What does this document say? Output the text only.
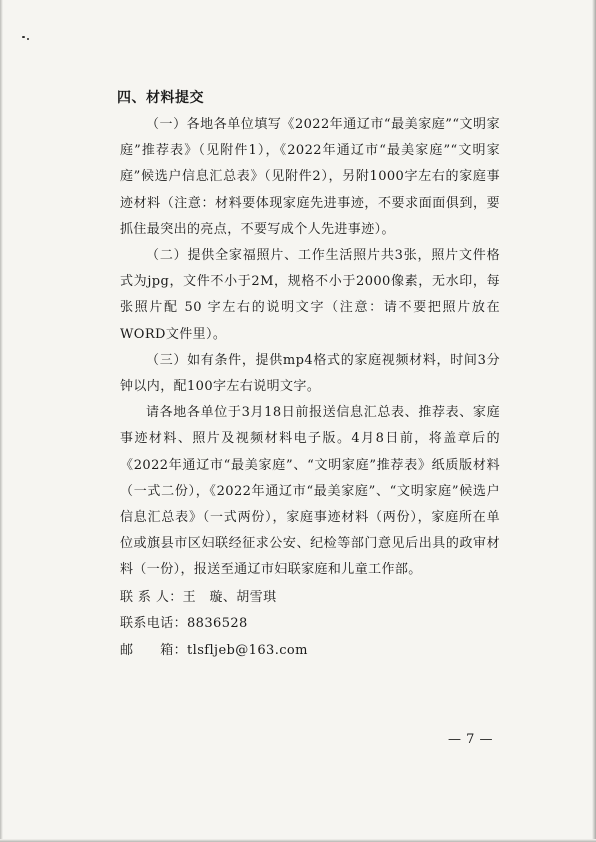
四、材料提交

（一）各地各单位填写《2022年通辽市“最美家庭”“文明家庭”推荐表》（见附件1），《2022年通辽市“最美家庭”“文明家庭”候选户信息汇总表》（见附件2），另附1000字左右的家庭事迹材料（注意：材料要体现家庭先进事迹，不要求面面俱到，要抓住最突出的亮点，不要写成个人先进事迹）。

（二）提供全家福照片、工作生活照片共3张，照片文件格式为jpg，文件不小于2M，规格不小于2000像素，无水印，每张照片配 50 字左右的说明文字（注意：请不要把照片放在WORD文件里）。

（三）如有条件，提供mp4格式的家庭视频材料，时间3分钟以内，配100字左右说明文字。

请各地各单位于3月18日前报送信息汇总表、推荐表、家庭事迹材料、照片及视频材料电子版。4月8日前，将盖章后的《2022年通辽市“最美家庭”、“文明家庭”推荐表》纸质版材料（一式二份），《2022年通辽市“最美家庭”、“文明家庭”候选户信息汇总表》（一式两份），家庭事迹材料（两份），家庭所在单位或旗县市区妇联经征求公安、纪检等部门意见后出具的政审材料（一份），报送至通辽市妇联家庭和儿童工作部。

联 系 人：王　璇、胡雪琪
联系电话：8836528
邮　　箱：tlsfljeb@163.com
— 7 —
